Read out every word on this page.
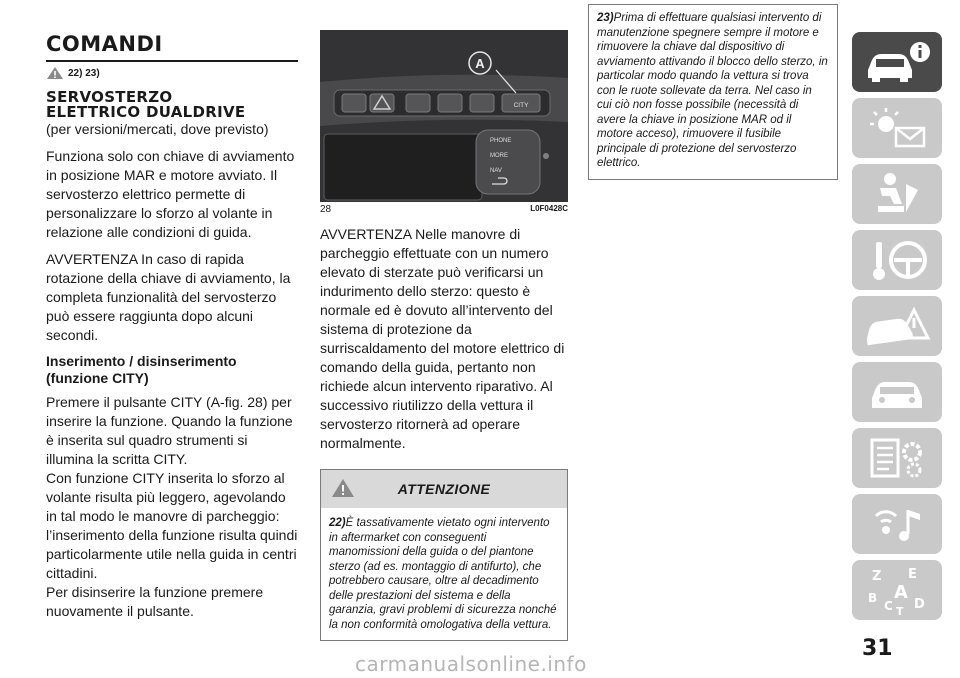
COMANDI
22) 23)
SERVOSTERZO
ELETTRICO DUALDRIVE

(per versioni/mercati, dove previsto)

Funziona solo con chiave di avviamento in posizione MAR e motore avviato. Il servosterzo elettrico permette di personalizzare lo sforzo al volante in relazione alle condizioni di guida.

AVVERTENZA In caso di rapida rotazione della chiave di avviamento, la completa funzionalità del servosterzo può essere raggiunta dopo alcuni secondi.

Inserimento / disinserimento (funzione CITY)

Premere il pulsante CITY (A-fig. 28) per inserire la funzione. Quando la funzione è inserita sul quadro strumenti si illumina la scritta CITY.

Con funzione CITY inserita lo sforzo al volante risulta più leggero, agevolando in tal modo le manovre di parcheggio: l’inserimento della funzione risulta quindi particolarmente utile nella guida in centri cittadini.

Per disinserire la funzione premere nuovamente il pulsante.

A
CITY
PHONE
MORE
NAV
28	L0F0428C

AVVERTENZA Nelle manovre di parcheggio effettuate con un numero elevato di sterzate può verificarsi un indurimento dello sterzo: questo è normale ed è dovuto all’intervento del sistema di protezione da surriscaldamento del motore elettrico di comando della guida, pertanto non richiede alcun intervento riparativo. Al successivo riutilizzo della vettura il servosterzo ritornerà ad operare normalmente.

ATTENZIONE
22)È tassativamente vietato ogni intervento in aftermarket con conseguenti manomissioni della guida o del piantone sterzo (ad es. montaggio di antifurto), che potrebbero causare, oltre al decadimento delle prestazioni del sistema e della garanzia, gravi problemi di sicurezza nonché la non conformità omologativa della vettura.
23)Prima di effettuare qualsiasi intervento di manutenzione spegnere sempre il motore e rimuovere la chiave dal dispositivo di avviamento attivando il blocco dello sterzo, in particolar modo quando la vettura si trova con le ruote sollevate da terra. Nel caso in cui ciò non fosse possibile (necessità di avere la chiave in posizione MAR od il motore acceso), rimuovere il fusibile principale di protezione del servosterzo elettrico.
Z E
B A
C D
T
31
carmanualsonline.info
